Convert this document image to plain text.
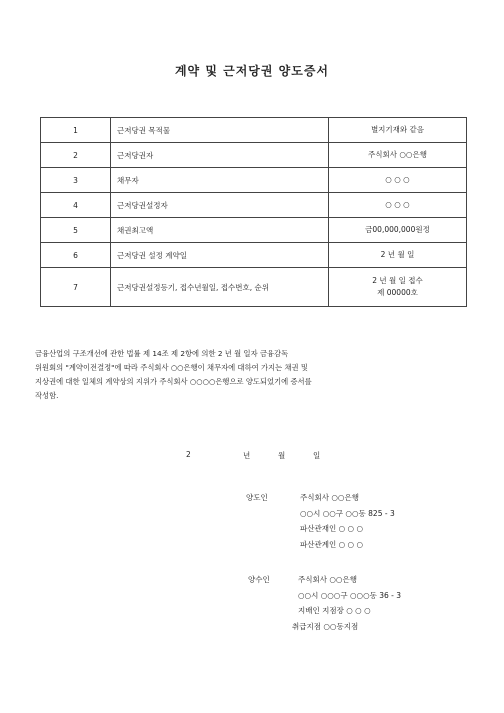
계약 및 근저당권 양도증서
1	근저당권 목적물	별지기재와 같음

2	근저당권자	주식회사 ○○은행

3	채무자	○ ○ ○

4	근저당권설정자	○ ○ ○

5	채권최고액	금00,000,000원정

6	근저당권 설정 계약일	2 년 월 일

7	근저당권설정등기, 접수년월일, 접수번호, 순위	2 년 월 일 접수
제 00000호
금융산업의 구조개선에 관한 법률 제 14조 제 2항에 의한 2 년 월 일자 금융감독
위원회의 "계약이전결정"에 따라 주식회사 ○○은행이 채무자에 대하여 가지는 채권 및
지상권에 대한 일체의 계약상의 지위가 주식회사 ○○○○은행으로 양도되었기에 증서를
작성함.
2	년	월	일
양도인	주식회사 ○○은행
○○시 ○○구 ○○동 825 - 3
파산관재인 ○ ○ ○
파산관계인 ○ ○ ○
양수인	주식회사 ○○은행
○○시 ○○○구 ○○○동 36 - 3
지배인 지점장 ○ ○ ○
취급지점 ○○동지점
